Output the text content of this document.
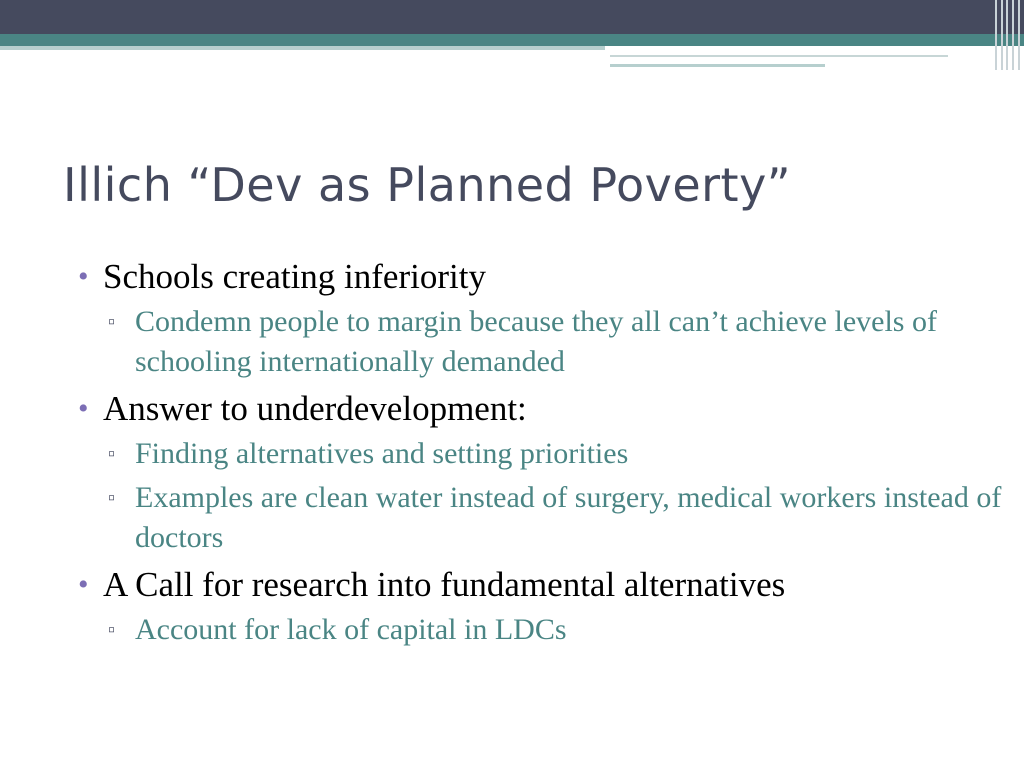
Illich “Dev as Planned Poverty”
• Schools creating inferiority
▫ Condemn people to margin because they all can’t achieve levels of schooling internationally demanded
• Answer to underdevelopment:
▫ Finding alternatives and setting priorities
▫ Examples are clean water instead of surgery, medical workers instead of doctors
• A Call for research into fundamental alternatives
▫ Account for lack of capital in LDCs
